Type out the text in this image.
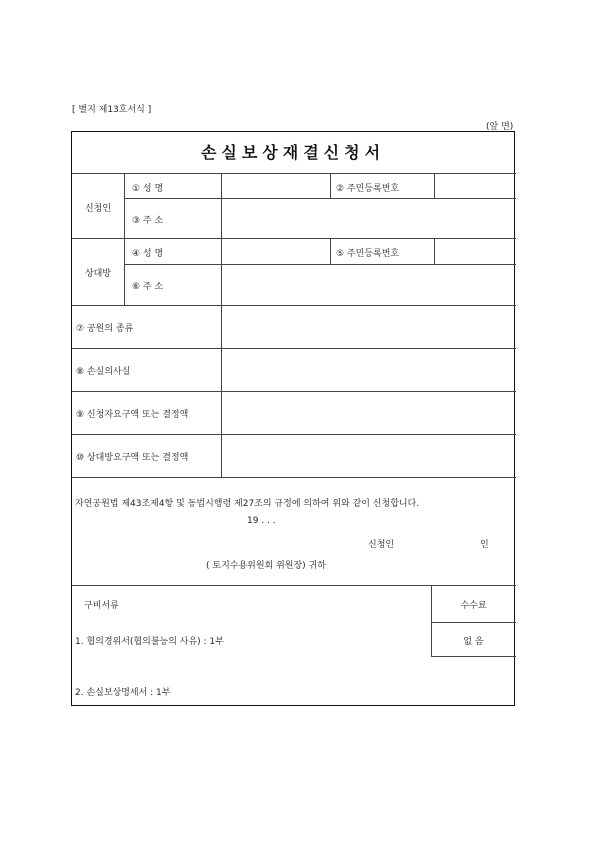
[ 별지 제13호서식 ]
(앞 면)
손실보상재결신청서
신청인
① 성 명	② 주민등록번호
③ 주 소
상대방
④ 성 명	⑤ 주민등록번호
⑥ 주 소
⑦ 공원의 종류
⑧ 손실의사실
⑨ 신청자요구액 또는 결정액
⑩ 상대방요구액 또는 결정액
자연공원법 제43조제4항 및 동법시행령 제27조의 규정에 의하여 위와 같이 신청합니다.
19 . . .
신청인	인
( 토지수용위원회 위원장) 귀하
구비서류	수수료
1. 협의경위서(협의불능의 사유) : 1부	없 음
2. 손실보상명세서 : 1부
